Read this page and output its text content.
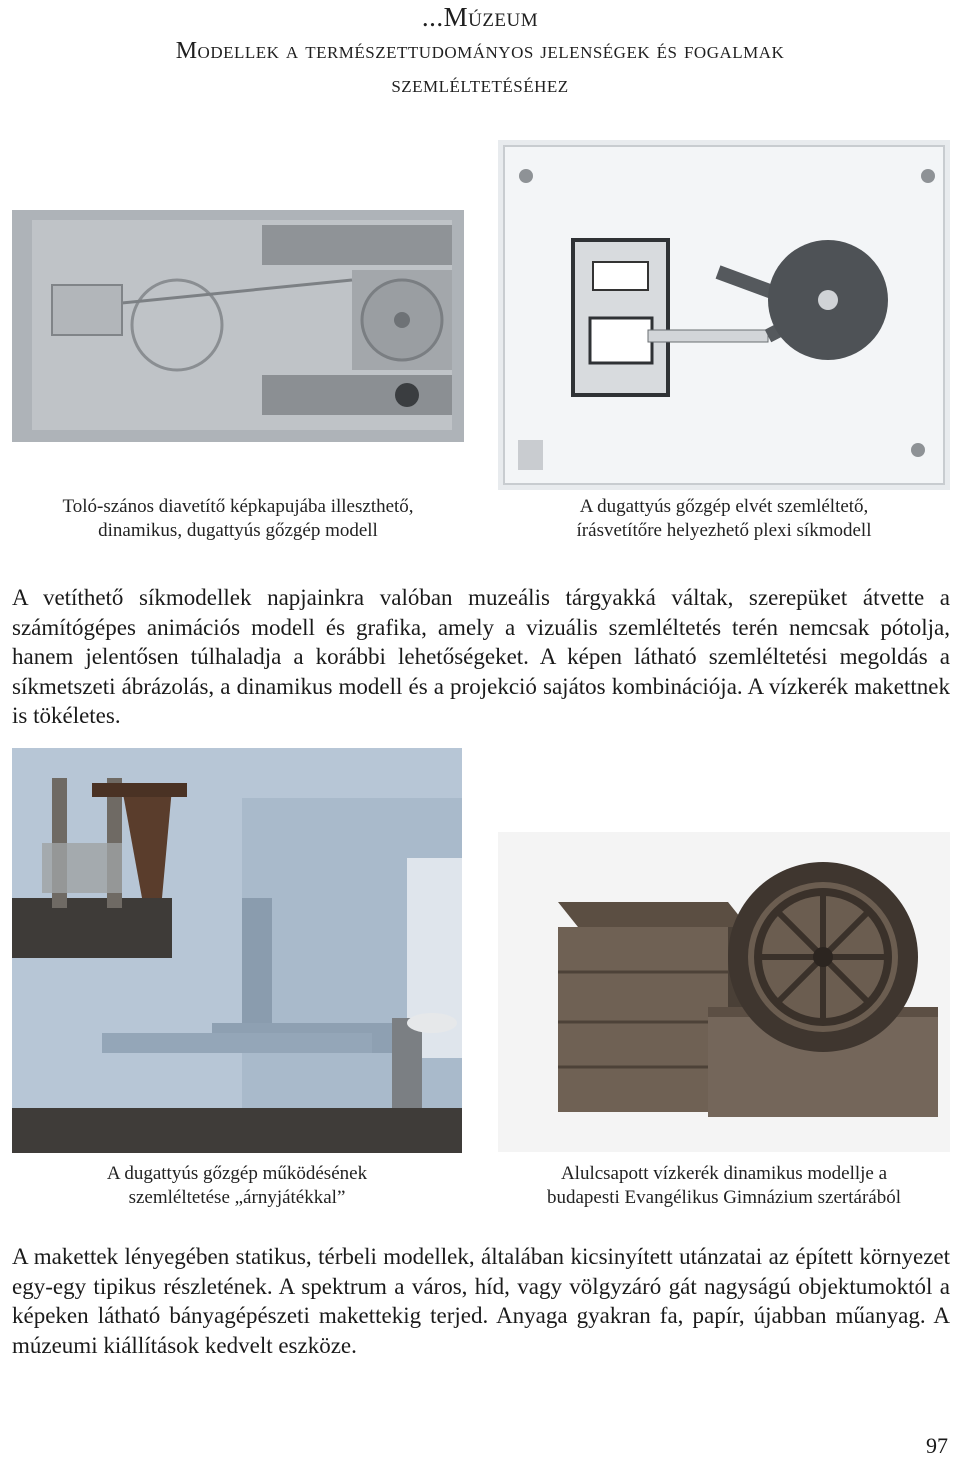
...Múzeum
Modellek a természettudományos jelenségek és fogalmak
szemléltetéséhez
Toló-szános diavetítő képkapujába illeszthető,
dinamikus, dugattyús gőzgép modell
A dugattyús gőzgép elvét szemléltető,
írásvetítőre helyezhető plexi síkmodell

A vetíthető síkmodellek napjainkra valóban muzeális tárgyakká váltak, szerepüket átvette a számítógépes animációs modell és grafika, amely a vizuális szemléltetés terén nemcsak pótolja, hanem jelentősen túlhaladja a korábbi lehetőségeket. A képen látható szemléltetési megoldás a síkmetszeti ábrázolás, a dinamikus modell és a projekció sajátos kombinációja. A vízkerék makettnek is tökéletes.

A dugattyús gőzgép működésének
szemléltetése „árnyjátékkal”
Alulcsapott vízkerék dinamikus modellje a
budapesti Evangélikus Gimnázium szertárából

A makettek lényegében statikus, térbeli modellek, általában kicsinyített utánzatai az épített környezet egy-egy tipikus részletének. A spektrum a város, híd, vagy völgyzáró gát nagyságú objektumoktól a képeken látható bányagépészeti makettekig terjed. Anyaga gyakran fa, papír, újabban műanyag. A múzeumi kiállítások kedvelt eszköze.

97
